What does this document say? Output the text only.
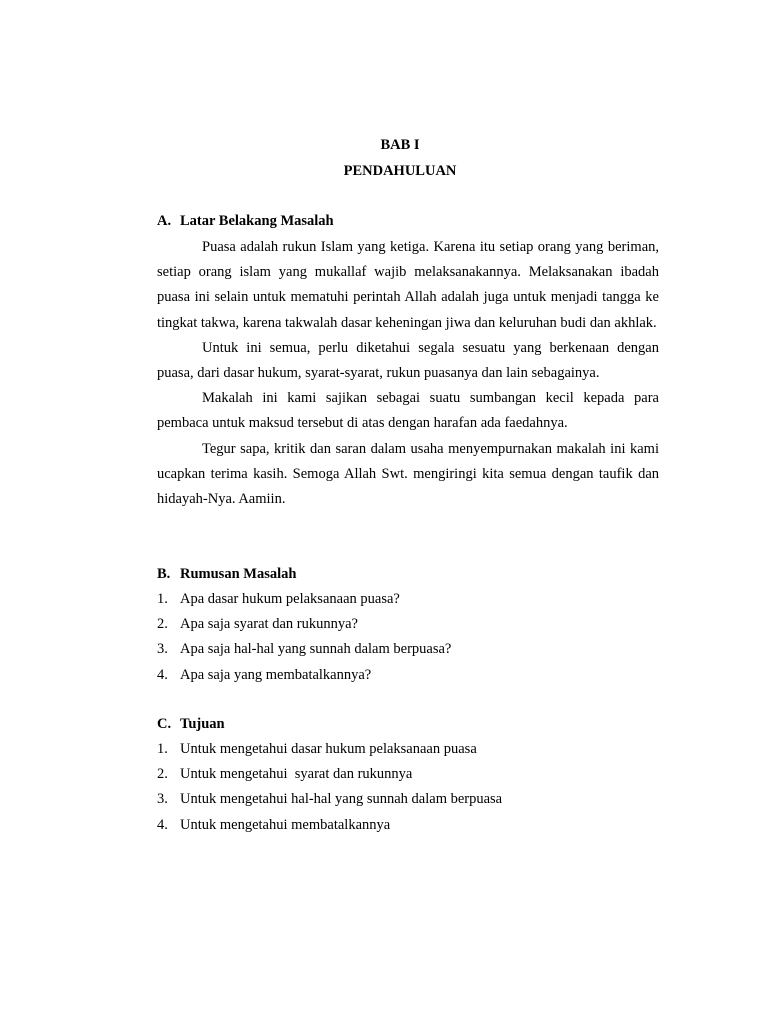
BAB I
PENDAHULUAN
A. Latar Belakang Masalah

Puasa adalah rukun Islam yang ketiga. Karena itu setiap orang yang beriman, setiap orang islam yang mukallaf wajib melaksanakannya. Melaksanakan ibadah puasa ini selain untuk mematuhi perintah Allah adalah juga untuk menjadi tangga ke tingkat takwa, karena takwalah dasar keheningan jiwa dan keluruhan budi dan akhlak.

Untuk ini semua, perlu diketahui segala sesuatu yang berkenaan dengan puasa, dari dasar hukum, syarat-syarat, rukun puasanya dan lain sebagainya.

Makalah ini kami sajikan sebagai suatu sumbangan kecil kepada para pembaca untuk maksud tersebut di atas dengan harafan ada faedahnya.

Tegur sapa, kritik dan saran dalam usaha menyempurnakan makalah ini kami ucapkan terima kasih. Semoga Allah Swt. mengiringi kita semua dengan taufik dan hidayah-Nya. Aamiin.

B. Rumusan Masalah
1. Apa dasar hukum pelaksanaan puasa?
2. Apa saja syarat dan rukunnya?
3. Apa saja hal-hal yang sunnah dalam berpuasa?
4. Apa saja yang membatalkannya?
C. Tujuan
1. Untuk mengetahui dasar hukum pelaksanaan puasa
2. Untuk mengetahui  syarat dan rukunnya
3. Untuk mengetahui hal-hal yang sunnah dalam berpuasa
4. Untuk mengetahui membatalkannya
